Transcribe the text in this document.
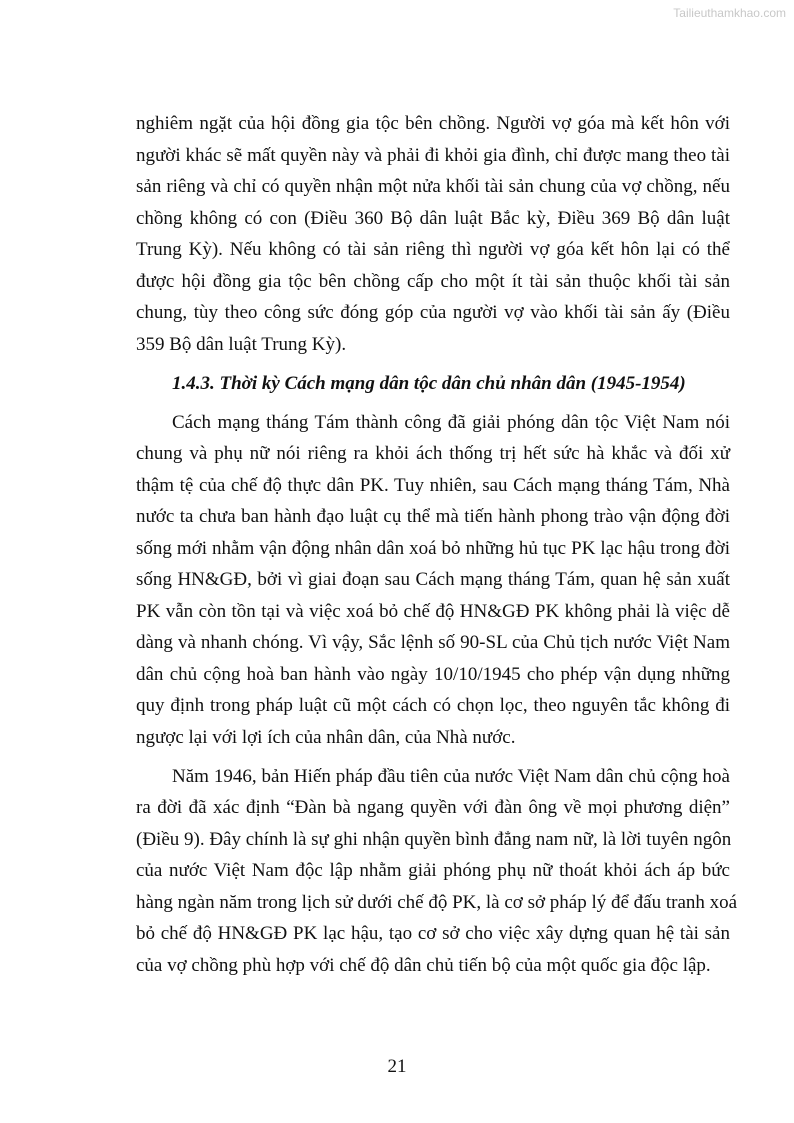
Tailieuthamkhao.com
nghiêm ngặt của hội đồng gia tộc bên chồng. Người vợ góa mà kết hôn với
người khác sẽ mất quyền này và phải đi khỏi gia đình, chỉ được mang theo tài
sản riêng và chỉ có quyền nhận một nửa khối tài sản chung của vợ chồng, nếu
chồng không có con (Điều 360 Bộ dân luật Bắc kỳ, Điều 369 Bộ dân luật
Trung Kỳ). Nếu không có tài sản riêng thì người vợ góa kết hôn lại có thể
được hội đồng gia tộc bên chồng cấp cho một ít tài sản thuộc khối tài sản
chung, tùy theo công sức đóng góp của người vợ vào khối tài sản ấy (Điều
359 Bộ dân luật Trung Kỳ).
1.4.3. Thời kỳ Cách mạng dân tộc dân chủ nhân dân (1945-1954)
Cách mạng tháng Tám thành công đã giải phóng dân tộc Việt Nam nói
chung và phụ nữ nói riêng ra khỏi ách thống trị hết sức hà khắc và đối xử
thậm tệ của chế độ thực dân PK. Tuy nhiên, sau Cách mạng tháng Tám, Nhà
nước ta chưa ban hành đạo luật cụ thể mà tiến hành phong trào vận động đời
sống mới nhằm vận động nhân dân xoá bỏ những hủ tục PK lạc hậu trong đời
sống HN&GĐ, bởi vì giai đoạn sau Cách mạng tháng Tám, quan hệ sản xuất
PK vẫn còn tồn tại và việc xoá bỏ chế độ HN&GĐ PK không phải là việc dễ
dàng và nhanh chóng. Vì vậy, Sắc lệnh số 90-SL của Chủ tịch nước Việt Nam
dân chủ cộng hoà ban hành vào ngày 10/10/1945 cho phép vận dụng những
quy định trong pháp luật cũ một cách có chọn lọc, theo nguyên tắc không đi
ngược lại với lợi ích của nhân dân, của Nhà nước.
Năm 1946, bản Hiến pháp đầu tiên của nước Việt Nam dân chủ cộng hoà
ra đời đã xác định “Đàn bà ngang quyền với đàn ông về mọi phương diện”
(Điều 9). Đây chính là sự ghi nhận quyền bình đẳng nam nữ, là lời tuyên ngôn
của nước Việt Nam độc lập nhằm giải phóng phụ nữ thoát khỏi ách áp bức
hàng ngàn năm trong lịch sử dưới chế độ PK, là cơ sở pháp lý để đấu tranh xoá
bỏ chế độ HN&GĐ PK lạc hậu, tạo cơ sở cho việc xây dựng quan hệ tài sản
của vợ chồng phù hợp với chế độ dân chủ tiến bộ của một quốc gia độc lập.
21
